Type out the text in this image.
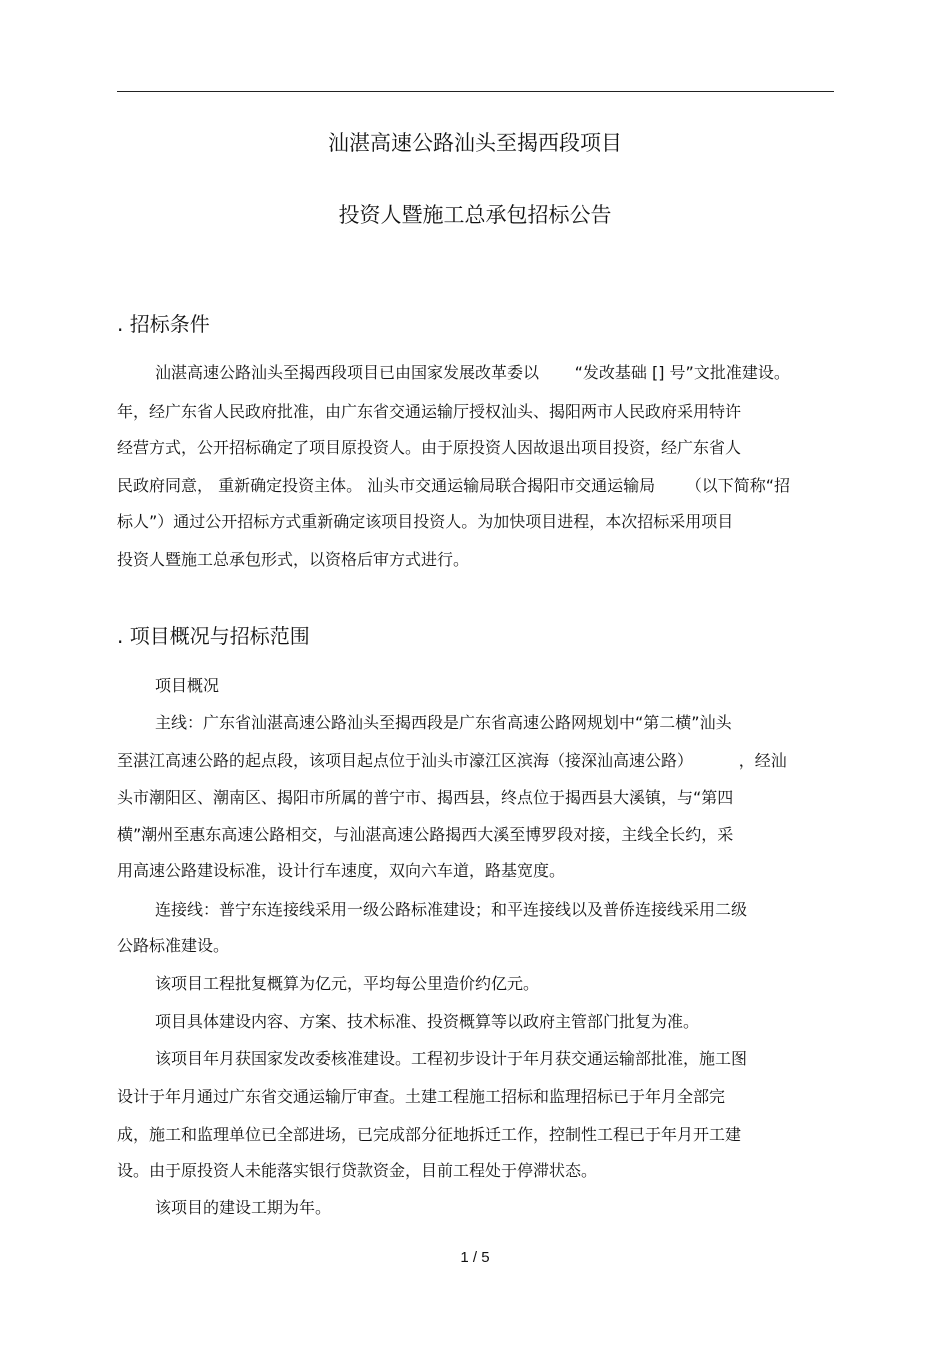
汕湛高速公路汕头至揭西段项目
投资人暨施工总承包招标公告
. 招标条件
汕湛高速公路汕头至揭西段项目已由国家发展改革委以       “发改基础 [] 号”文批准建设。
年，经广东省人民政府批准，由广东省交通运输厅授权汕头、揭阳两市人民政府采用特许
经营方式，公开招标确定了项目原投资人。由于原投资人因故退出项目投资，经广东省人
民政府同意， 重新确定投资主体。 汕头市交通运输局联合揭阳市交通运输局      （以下简称“招
标人”）通过公开招标方式重新确定该项目投资人。为加快项目进程，本次招标采用项目
投资人暨施工总承包形式，以资格后审方式进行。
. 项目概况与招标范围
项目概况
主线：广东省汕湛高速公路汕头至揭西段是广东省高速公路网规划中“第二横”汕头
至湛江高速公路的起点段，该项目起点位于汕头市濠江区滨海（接深汕高速公路）         ，经汕
头市潮阳区、潮南区、揭阳市所属的普宁市、揭西县，终点位于揭西县大溪镇，与“第四
横”潮州至惠东高速公路相交，与汕湛高速公路揭西大溪至博罗段对接，主线全长约，采
用高速公路建设标准，设计行车速度，双向六车道，路基宽度。
连接线：普宁东连接线采用一级公路标准建设；和平连接线以及普侨连接线采用二级
公路标准建设。
该项目工程批复概算为亿元，平均每公里造价约亿元。
项目具体建设内容、方案、技术标准、投资概算等以政府主管部门批复为准。
该项目年月获国家发改委核准建设。工程初步设计于年月获交通运输部批准，施工图
设计于年月通过广东省交通运输厅审查。土建工程施工招标和监理招标已于年月全部完
成，施工和监理单位已全部进场，已完成部分征地拆迁工作，控制性工程已于年月开工建
设。由于原投资人未能落实银行贷款资金，目前工程处于停滞状态。
该项目的建设工期为年。
1 / 5
